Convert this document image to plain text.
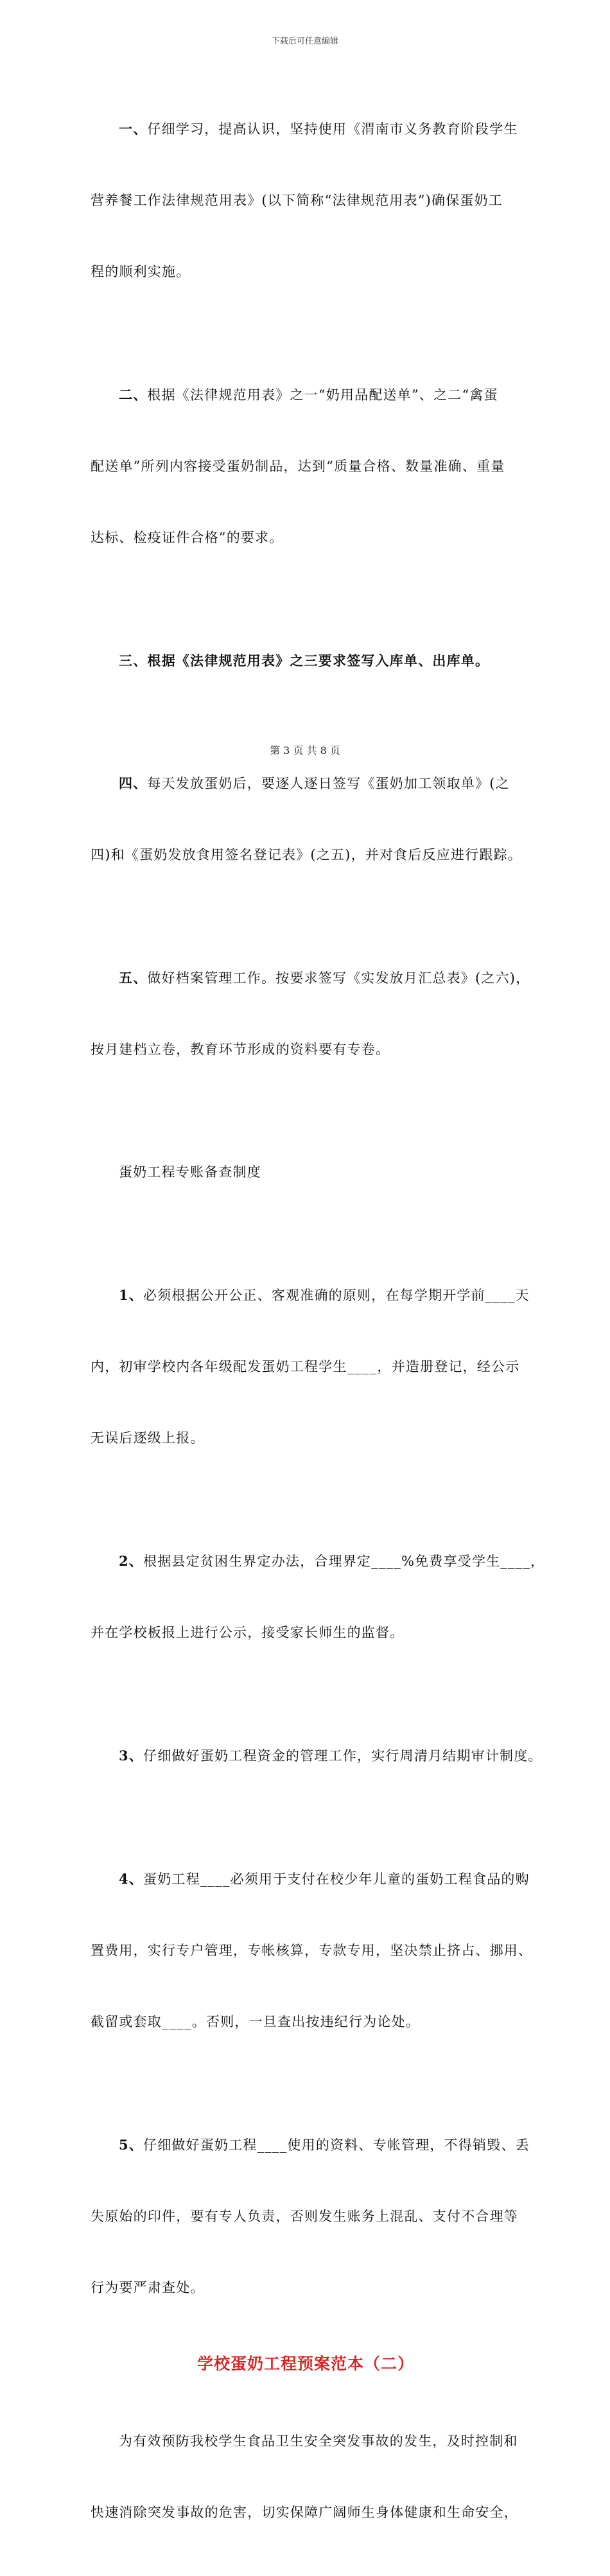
下载后可任意编辑

一、仔细学习，提高认识，坚持使用《渭南市义务教育阶段学生

营养餐工作法律规范用表》(以下简称“法律规范用表”)确保蛋奶工

程的顺利实施。

二、根据《法律规范用表》之一“奶用品配送单”、之二“禽蛋

配送单”所列内容接受蛋奶制品，达到“质量合格、数量准确、重量

达标、检疫证件合格”的要求。

三、根据《法律规范用表》之三要求签写入库单、出库单。

四、每天发放蛋奶后，要逐人逐日签写《蛋奶加工领取单》(之

四)和《蛋奶发放食用签名登记表》(之五)，并对食后反应进行跟踪。

五、做好档案管理工作。按要求签写《实发放月汇总表》(之六)，

按月建档立卷，教育环节形成的资料要有专卷。

蛋奶工程专账备查制度

1、必须根据公开公正、客观准确的原则，在每学期开学前____天

内，初审学校内各年级配发蛋奶工程学生____，并造册登记，经公示

无误后逐级上报。

2、根据县定贫困生界定办法，合理界定____%免费享受学生____，

并在学校板报上进行公示，接受家长师生的监督。

3、仔细做好蛋奶工程资金的管理工作，实行周清月结期审计制度。

4、蛋奶工程____必须用于支付在校少年儿童的蛋奶工程食品的购

置费用，实行专户管理，专帐核算，专款专用，坚决禁止挤占、挪用、

截留或套取____。否则，一旦查出按违纪行为论处。

5、仔细做好蛋奶工程____使用的资料、专帐管理，不得销毁、丢

失原始的印件，要有专人负责，否则发生账务上混乱、支付不合理等

行为要严肃查处。

学校蛋奶工程预案范本（二）

为有效预防我校学生食品卫生安全突发事故的发生，及时控制和

快速消除突发事故的危害，切实保障广阔师生身体健康和生命安全，

第 3 页 共 8 页
